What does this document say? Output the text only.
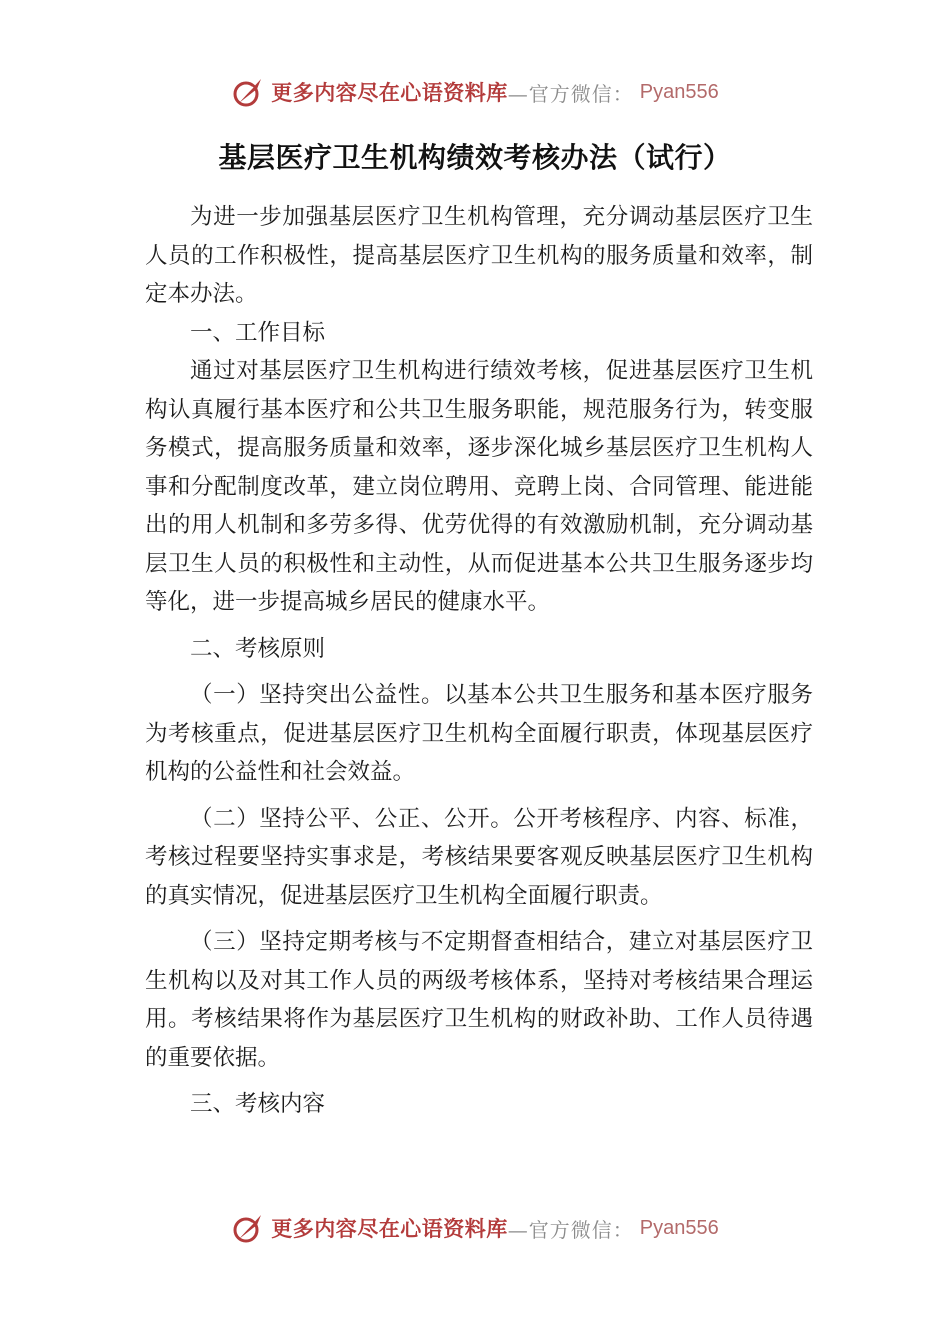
更多内容尽在心语资料库 —官方微信： Pyan556
基层医疗卫生机构绩效考核办法（试行）

为进一步加强基层医疗卫生机构管理，充分调动基层医疗卫生人员的工作积极性，提高基层医疗卫生机构的服务质量和效率，制定本办法。

一、工作目标

通过对基层医疗卫生机构进行绩效考核，促进基层医疗卫生机构认真履行基本医疗和公共卫生服务职能，规范服务行为，转变服务模式，提高服务质量和效率，逐步深化城乡基层医疗卫生机构人事和分配制度改革，建立岗位聘用、竞聘上岗、合同管理、能进能出的用人机制和多劳多得、优劳优得的有效激励机制，充分调动基层卫生人员的积极性和主动性，从而促进基本公共卫生服务逐步均等化，进一步提高城乡居民的健康水平。

二、考核原则

（一）坚持突出公益性。以基本公共卫生服务和基本医疗服务为考核重点，促进基层医疗卫生机构全面履行职责，体现基层医疗机构的公益性和社会效益。

（二）坚持公平、公正、公开。公开考核程序、内容、标准，考核过程要坚持实事求是，考核结果要客观反映基层医疗卫生机构的真实情况，促进基层医疗卫生机构全面履行职责。

（三）坚持定期考核与不定期督查相结合，建立对基层医疗卫生机构以及对其工作人员的两级考核体系，坚持对考核结果合理运用。考核结果将作为基层医疗卫生机构的财政补助、工作人员待遇的重要依据。

三、考核内容

更多内容尽在心语资料库 —官方微信： Pyan556
